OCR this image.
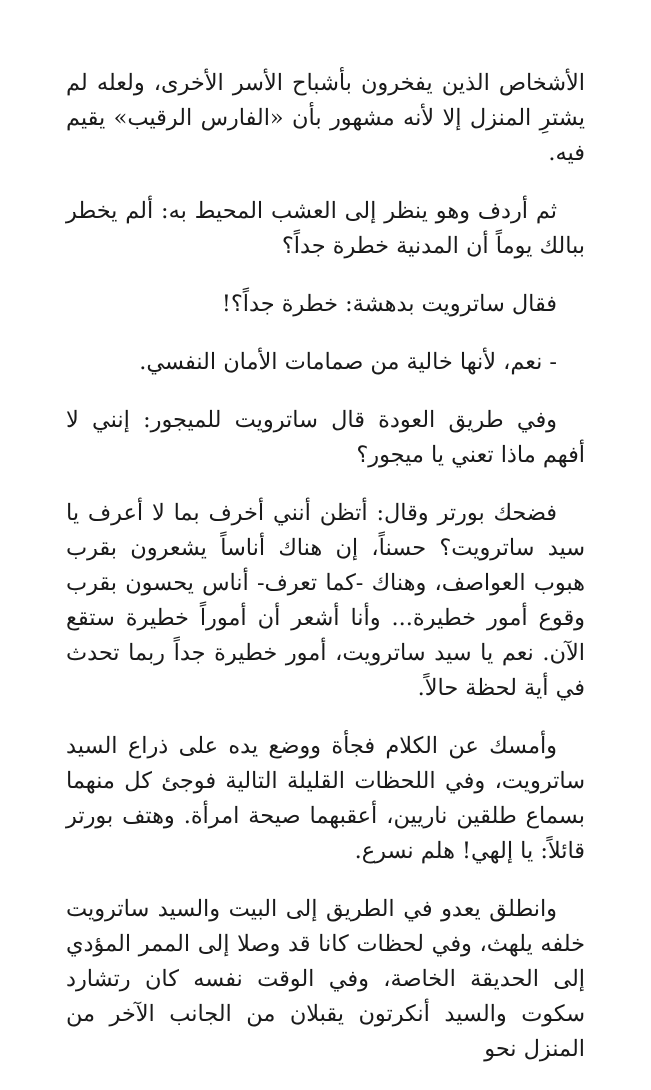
الأشخاص الذين يفخرون بأشباح الأسر الأخرى، ولعله لم يشترِ المنزل إلا لأنه مشهور بأن «الفارس الرقيب» يقيم فيه.

ثم أردف وهو ينظر إلى العشب المحيط به: ألم يخطر ببالك يوماً أن المدنية خطرة جداً؟

فقال ساترويت بدهشة: خطرة جداً؟!

- نعم، لأنها خالية من صمامات الأمان النفسي.

وفي طريق العودة قال ساترويت للميجور: إنني لا أفهم ماذا تعني يا ميجور؟

فضحك بورتر وقال: أتظن أنني أخرف بما لا أعرف يا سيد ساترويت؟ حسناً، إن هناك أناساً يشعرون بقرب هبوب العواصف، وهناك -كما تعرف- أناس يحسون بقرب وقوع أمور خطيرة... وأنا أشعر أن أموراً خطيرة ستقع الآن. نعم يا سيد ساترويت، أمور خطيرة جداً ربما تحدث في أية لحظة حالاً.

وأمسك عن الكلام فجأة ووضع يده على ذراع السيد ساترويت، وفي اللحظات القليلة التالية فوجئ كل منهما بسماع طلقين ناريين، أعقبهما صيحة امرأة. وهتف بورتر قائلاً: يا إلهي! هلم نسرع.

وانطلق يعدو في الطريق إلى البيت والسيد ساترويت خلفه يلهث، وفي لحظات كانا قد وصلا إلى الممر المؤدي إلى الحديقة الخاصة، وفي الوقت نفسه كان رتشارد سكوت والسيد أنكرتون يقبلان من الجانب الآخر من المنزل نحو
